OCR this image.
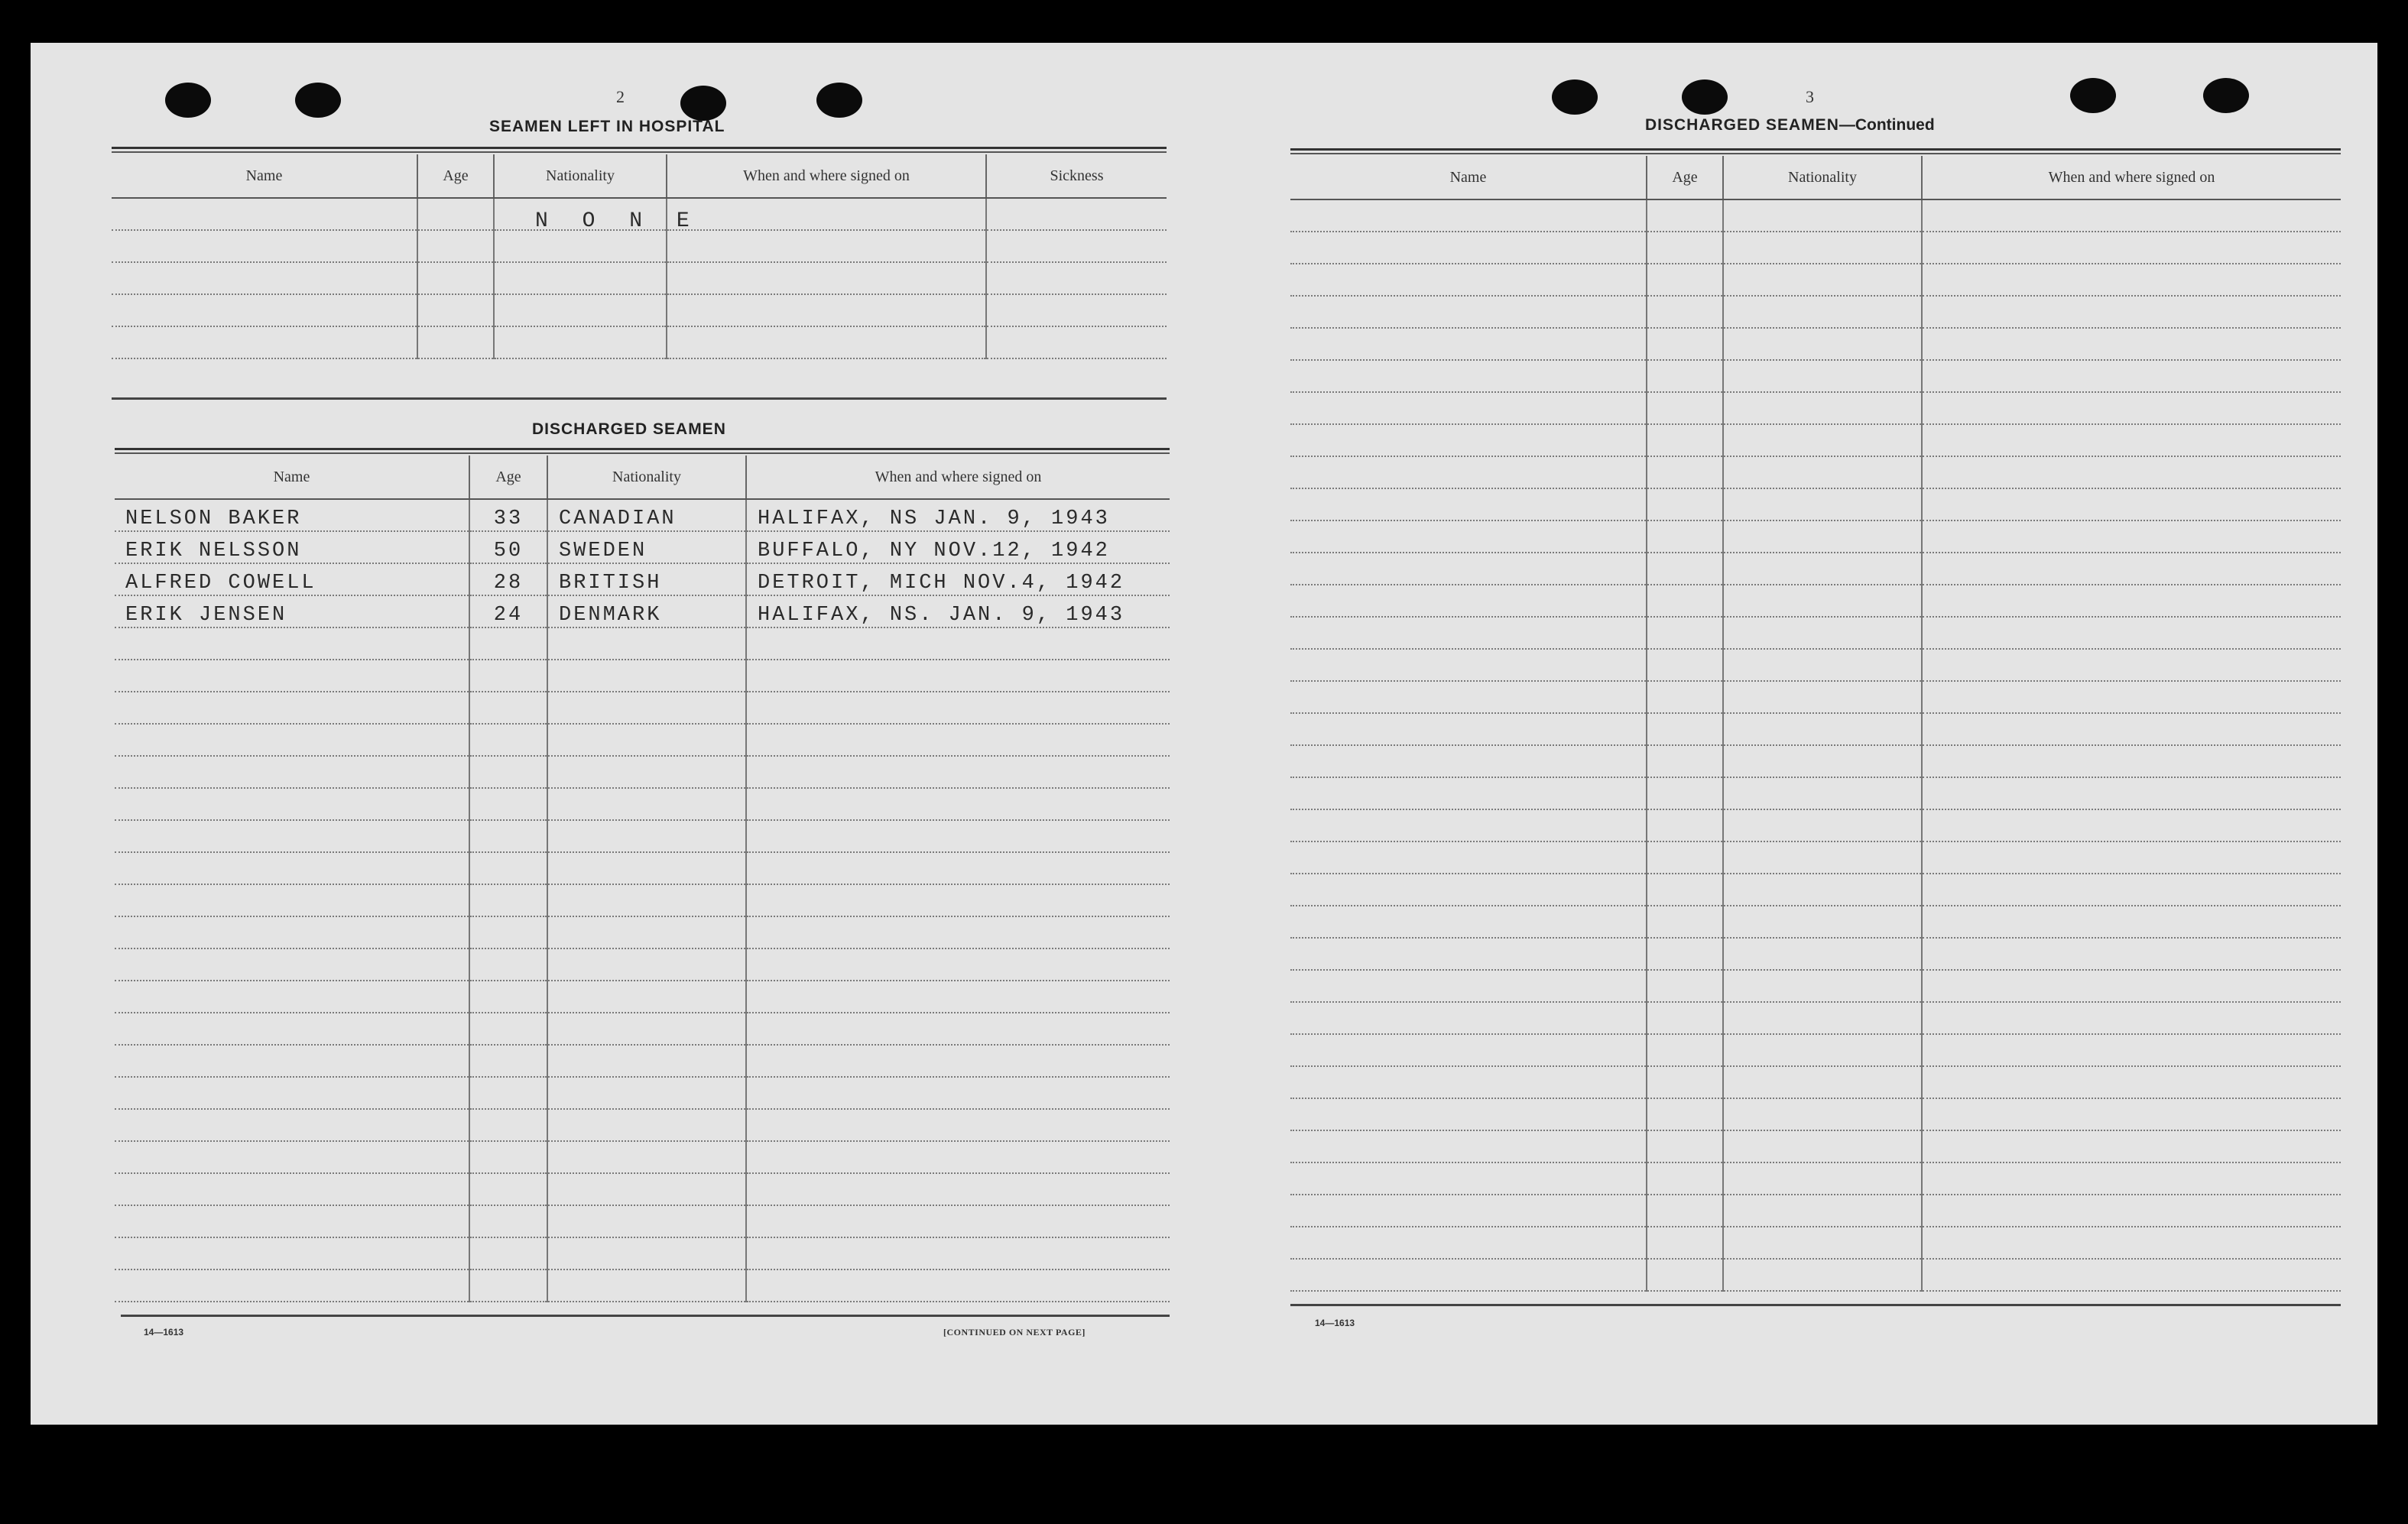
2
SEAMEN LEFT IN HOSPITAL
Name	Age	Nationality	When and where signed on	Sickness

N O N E
DISCHARGED SEAMEN
Name	Age	Nationality	When and where signed on
NELSON BAKER	33	CANADIAN	HALIFAX, NS JAN. 9, 1943
ERIK NELSSON	50	SWEDEN	BUFFALO, NY NOV.12, 1942
ALFRED COWELL	28	BRITISH	DETROIT, MICH NOV.4, 1942
ERIK JENSEN	24	DENMARK	HALIFAX, NS. JAN. 9, 1943

14—1613	[CONTINUED ON NEXT PAGE]
3
DISCHARGED SEAMEN—Continued
Name	Age	Nationality	When and where signed on

14—1613
